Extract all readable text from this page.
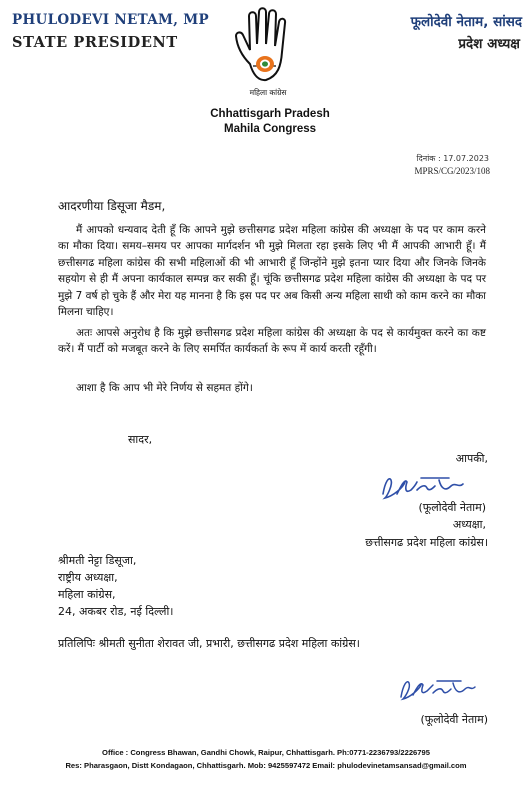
PHULODEVI NETAM, MP
STATE PRESIDENT
फूलोदेवी नेताम, सांसद
प्रदेश अध्यक्ष
महिला कांग्रेस
Chhattisgarh Pradesh
Mahila Congress
दिनांक : 17.07.2023
MPRS/CG/2023/108
आदरणीया डिसूजा मैडम,
मैं आपको धन्यवाद देती हूँ कि आपने मुझे छत्तीसगढ प्रदेश महिला कांग्रेस की अध्यक्षा के पद पर काम करने का मौका दिया। समय–समय पर आपका मार्गदर्शन भी मुझे मिलता रहा इसके लिए भी मैं आपकी आभारी हूँ। मैं छत्तीसगढ महिला कांग्रेस की सभी महिलाओं की भी आभारी हूँ जिन्होंने मुझे इतना प्यार दिया और जिनके जिनके सहयोग से ही मैं अपना कार्यकाल सम्पन्न कर सकी हूँ। चूंकि छत्तीसगढ प्रदेश महिला कांग्रेस की अध्यक्षा के पद पर मुझे 7 वर्ष हो चुके हैं और मेरा यह मानना है कि इस पद पर अब किसी अन्य महिला साथी को काम करने का मौका मिलना चाहिए।
अतः आपसे अनुरोध है कि मुझे छत्तीसगढ प्रदेश महिला कांग्रेस की अध्यक्षा के पद से कार्यमुक्त करने का कष्ट करें। मैं पार्टी को मजबूत करने के लिए समर्पित कार्यकर्ता के रूप में कार्य करती रहूँगी।
आशा है कि आप भी मेरे निर्णय से सहमत होंगे।
सादर,
आपकी,
(फूलोदेवी नेताम)
अध्यक्षा,
छत्तीसगढ प्रदेश महिला कांग्रेस।
श्रीमती नेट्टा डिसूजा,
राष्ट्रीय अध्यक्षा,
महिला कांग्रेस,
24, अकबर रोड, नई दिल्ली।
प्रतिलिपिः श्रीमती सुनीता शेरावत जी, प्रभारी, छत्तीसगढ प्रदेश महिला कांग्रेस।
(फूलोदेवी नेताम)
Office : Congress Bhawan, Gandhi Chowk, Raipur, Chhattisgarh. Ph:0771-2236793/2226795
Res: Pharasgaon, Distt Kondagaon, Chhattisgarh. Mob: 9425597472 Email: phulodevinetamsansad@gmail.com
